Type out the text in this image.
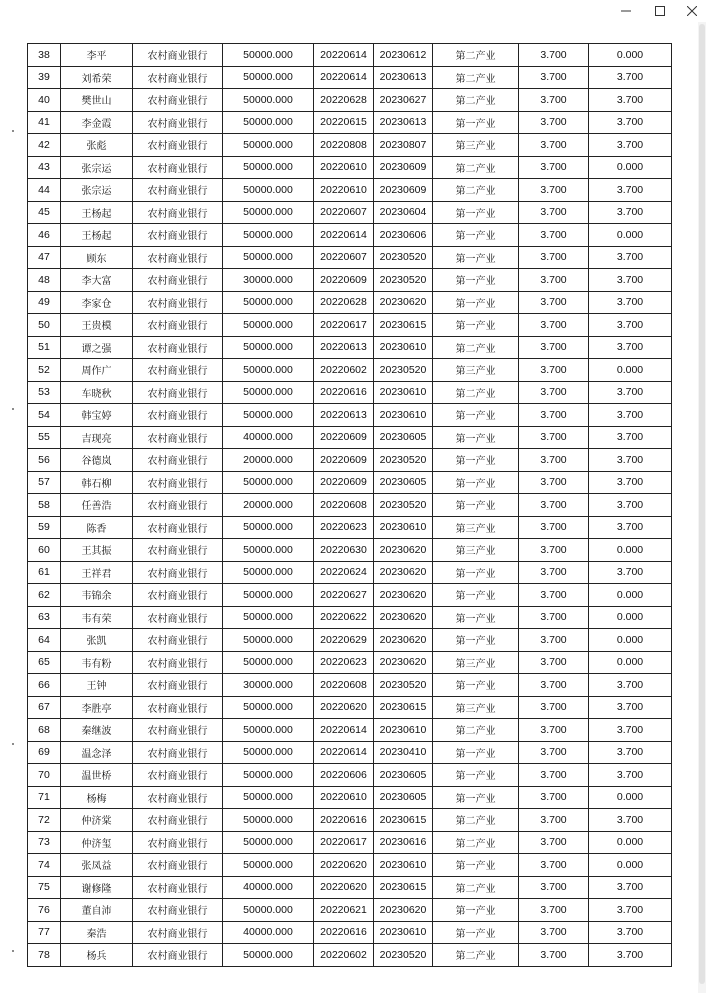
38	李平	农村商业银行	50000.000	20220614	20230612	第二产业	3.700	0.000
39	刘希荣	农村商业银行	50000.000	20220614	20230613	第二产业	3.700	3.700
40	樊世山	农村商业银行	50000.000	20220628	20230627	第二产业	3.700	3.700
41	李金霞	农村商业银行	50000.000	20220615	20230613	第一产业	3.700	3.700
42	张彪	农村商业银行	50000.000	20220808	20230807	第三产业	3.700	3.700
43	张宗运	农村商业银行	50000.000	20220610	20230609	第二产业	3.700	0.000
44	张宗运	农村商业银行	50000.000	20220610	20230609	第二产业	3.700	3.700
45	王杨起	农村商业银行	50000.000	20220607	20230604	第一产业	3.700	3.700
46	王杨起	农村商业银行	50000.000	20220614	20230606	第一产业	3.700	0.000
47	顾东	农村商业银行	50000.000	20220607	20230520	第一产业	3.700	3.700
48	李大富	农村商业银行	30000.000	20220609	20230520	第一产业	3.700	3.700
49	李家仓	农村商业银行	50000.000	20220628	20230620	第一产业	3.700	3.700
50	王贵模	农村商业银行	50000.000	20220617	20230615	第一产业	3.700	3.700
51	谭之强	农村商业银行	50000.000	20220613	20230610	第二产业	3.700	3.700
52	周作广	农村商业银行	50000.000	20220602	20230520	第三产业	3.700	0.000
53	车晓秋	农村商业银行	50000.000	20220616	20230610	第二产业	3.700	3.700
54	韩宝婷	农村商业银行	50000.000	20220613	20230610	第一产业	3.700	3.700
55	吉现亮	农村商业银行	40000.000	20220609	20230605	第一产业	3.700	3.700
56	谷德岚	农村商业银行	20000.000	20220609	20230520	第一产业	3.700	3.700
57	韩石柳	农村商业银行	50000.000	20220609	20230605	第一产业	3.700	3.700
58	任善浩	农村商业银行	20000.000	20220608	20230520	第一产业	3.700	3.700
59	陈香	农村商业银行	50000.000	20220623	20230610	第三产业	3.700	3.700
60	王其振	农村商业银行	50000.000	20220630	20230620	第三产业	3.700	0.000
61	王祥君	农村商业银行	50000.000	20220624	20230620	第一产业	3.700	3.700
62	韦锦余	农村商业银行	50000.000	20220627	20230620	第一产业	3.700	0.000
63	韦有荣	农村商业银行	50000.000	20220622	20230620	第一产业	3.700	0.000
64	张凯	农村商业银行	50000.000	20220629	20230620	第一产业	3.700	0.000
65	韦有粉	农村商业银行	50000.000	20220623	20230620	第三产业	3.700	0.000
66	王钟	农村商业银行	30000.000	20220608	20230520	第一产业	3.700	3.700
67	李胜亭	农村商业银行	50000.000	20220620	20230615	第三产业	3.700	3.700
68	秦继波	农村商业银行	50000.000	20220614	20230610	第二产业	3.700	3.700
69	温念泽	农村商业银行	50000.000	20220614	20230410	第一产业	3.700	3.700
70	温世桥	农村商业银行	50000.000	20220606	20230605	第一产业	3.700	3.700
71	杨梅	农村商业银行	50000.000	20220610	20230605	第一产业	3.700	0.000
72	仲济棠	农村商业银行	50000.000	20220616	20230615	第二产业	3.700	3.700
73	仲济玺	农村商业银行	50000.000	20220617	20230616	第二产业	3.700	0.000
74	张凤益	农村商业银行	50000.000	20220620	20230610	第一产业	3.700	0.000
75	谢修隆	农村商业银行	40000.000	20220620	20230615	第二产业	3.700	3.700
76	董自沛	农村商业银行	50000.000	20220621	20230620	第一产业	3.700	3.700
77	秦浩	农村商业银行	40000.000	20220616	20230610	第一产业	3.700	3.700
78	杨兵	农村商业银行	50000.000	20220602	20230520	第二产业	3.700	3.700
